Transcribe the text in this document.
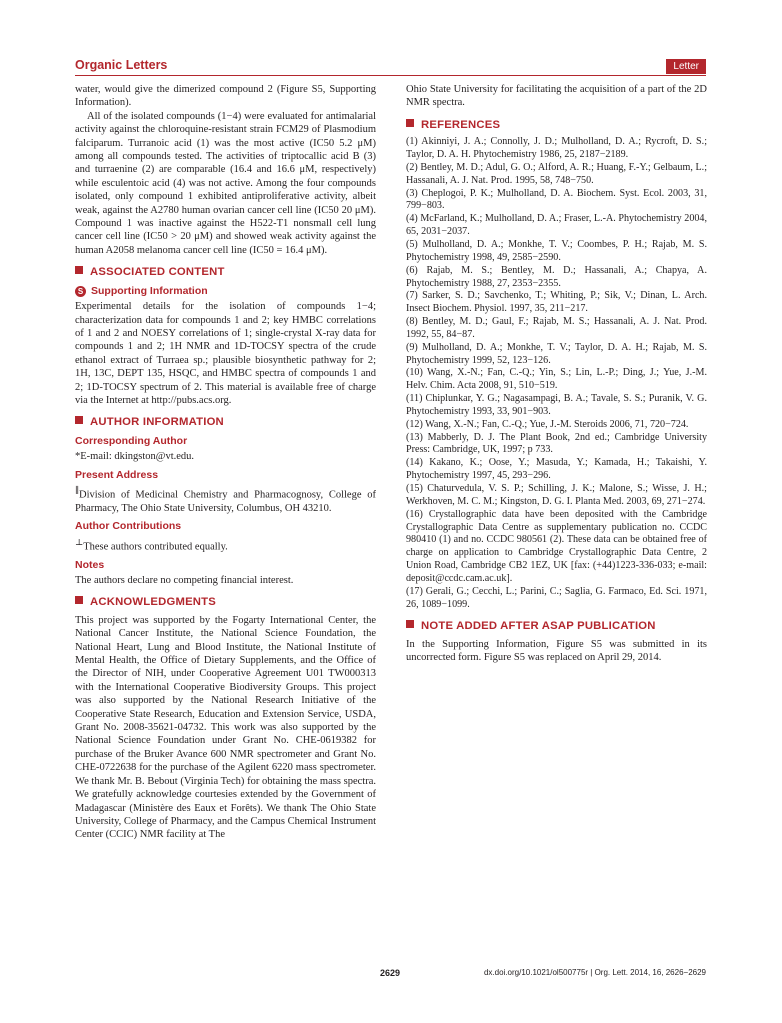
Organic Letters	Letter

water, would give the dimerized compound 2 (Figure S5, Supporting Information).

All of the isolated compounds (1−4) were evaluated for antimalarial activity against the chloroquine-resistant strain FCM29 of Plasmodium falciparum. Turranoic acid (1) was the most active (IC50 5.2 μM) among all compounds tested. The activities of triptocallic acid B (3) and turraenine (2) are comparable (16.4 and 16.6 μM, respectively) while esculentoic acid (4) was not active. Among the four compounds isolated, only compound 1 exhibited antiproliferative activity, albeit weak, against the A2780 human ovarian cancer cell line (IC50 20 μM). Compound 1 was inactive against the H522-T1 nonsmall cell lung cancer cell line (IC50 > 20 μM) and showed weak activity against the human A2058 melanoma cancer cell line (IC50 = 16.4 μM).

ASSOCIATED CONTENT
S Supporting Information

Experimental details for the isolation of compounds 1−4; characterization data for compounds 1 and 2; key HMBC correlations of 1 and 2 and NOESY correlations of 1; single-crystal X-ray data for compounds 1 and 2; 1H NMR and 1D-TOCSY spectra of the crude ethanol extract of Turraea sp.; plausible biosynthetic pathway for 2; 1H, 13C, DEPT 135, HSQC, and HMBC spectra of compounds 1 and 2; 1D-TOCSY spectrum of 2. This material is available free of charge via the Internet at http://pubs.acs.org.

AUTHOR INFORMATION
Corresponding Author

*E-mail: dkingston@vt.edu.

Present Address

∥Division of Medicinal Chemistry and Pharmacognosy, College of Pharmacy, The Ohio State University, Columbus, OH 43210.

Author Contributions

⊥These authors contributed equally.

Notes

The authors declare no competing financial interest.

ACKNOWLEDGMENTS

This project was supported by the Fogarty International Center, the National Cancer Institute, the National Science Foundation, the National Heart, Lung and Blood Institute, the National Institute of Mental Health, the Office of Dietary Supplements, and the Office of the Director of NIH, under Cooperative Agreement U01 TW000313 with the International Cooperative Biodiversity Groups. This project was also supported by the National Research Initiative of the Cooperative State Research, Education and Extension Service, USDA, Grant No. 2008-35621-04732. This work was also supported by the National Science Foundation under Grant No. CHE-0619382 for purchase of the Bruker Avance 600 NMR spectrometer and Grant No. CHE-0722638 for the purchase of the Agilent 6220 mass spectrometer. We thank Mr. B. Bebout (Virginia Tech) for obtaining the mass spectra. We gratefully acknowledge courtesies extended by the Government of Madagascar (Ministère des Eaux et Forêts). We thank The Ohio State University, College of Pharmacy, and the Campus Chemical Instrument Center (CCIC) NMR facility at The

Ohio State University for facilitating the acquisition of a part of the 2D NMR spectra.

REFERENCES

(1) Akinniyi, J. A.; Connolly, J. D.; Mulholland, D. A.; Rycroft, D. S.; Taylor, D. A. H. Phytochemistry 1986, 25, 2187−2189.

(2) Bentley, M. D.; Adul, G. O.; Alford, A. R.; Huang, F.-Y.; Gelbaum, L.; Hassanali, A. J. Nat. Prod. 1995, 58, 748−750.

(3) Cheplogoi, P. K.; Mulholland, D. A. Biochem. Syst. Ecol. 2003, 31, 799−803.

(4) McFarland, K.; Mulholland, D. A.; Fraser, L.-A. Phytochemistry 2004, 65, 2031−2037.

(5) Mulholland, D. A.; Monkhe, T. V.; Coombes, P. H.; Rajab, M. S. Phytochemistry 1998, 49, 2585−2590.

(6) Rajab, M. S.; Bentley, M. D.; Hassanali, A.; Chapya, A. Phytochemistry 1988, 27, 2353−2355.

(7) Sarker, S. D.; Savchenko, T.; Whiting, P.; Sik, V.; Dinan, L. Arch. Insect Biochem. Physiol. 1997, 35, 211−217.

(8) Bentley, M. D.; Gaul, F.; Rajab, M. S.; Hassanali, A. J. Nat. Prod. 1992, 55, 84−87.

(9) Mulholland, D. A.; Monkhe, T. V.; Taylor, D. A. H.; Rajab, M. S. Phytochemistry 1999, 52, 123−126.

(10) Wang, X.-N.; Fan, C.-Q.; Yin, S.; Lin, L.-P.; Ding, J.; Yue, J.-M. Helv. Chim. Acta 2008, 91, 510−519.

(11) Chiplunkar, Y. G.; Nagasampagi, B. A.; Tavale, S. S.; Puranik, V. G. Phytochemistry 1993, 33, 901−903.

(12) Wang, X.-N.; Fan, C.-Q.; Yue, J.-M. Steroids 2006, 71, 720−724.

(13) Mabberly, D. J. The Plant Book, 2nd ed.; Cambridge University Press: Cambridge, UK, 1997; p 733.

(14) Kakano, K.; Oose, Y.; Masuda, Y.; Kamada, H.; Takaishi, Y. Phytochemistry 1997, 45, 293−296.

(15) Chaturvedula, V. S. P.; Schilling, J. K.; Malone, S.; Wisse, J. H.; Werkhoven, M. C. M.; Kingston, D. G. I. Planta Med. 2003, 69, 271−274.

(16) Crystallographic data have been deposited with the Cambridge Crystallographic Data Centre as supplementary publication no. CCDC 980410 (1) and no. CCDC 980561 (2). These data can be obtained free of charge on application to Cambridge Crystallographic Data Centre, 2 Union Road, Cambridge CB2 1EZ, UK [fax: (+44)1223-336-033; e-mail: deposit@ccdc.cam.ac.uk].

(17) Gerali, G.; Cecchi, L.; Parini, C.; Saglia, G. Farmaco, Ed. Sci. 1971, 26, 1089−1099.

NOTE ADDED AFTER ASAP PUBLICATION

In the Supporting Information, Figure S5 was submitted in its uncorrected form. Figure S5 was replaced on April 29, 2014.

2629	dx.doi.org/10.1021/ol500775r | Org. Lett. 2014, 16, 2626−2629
